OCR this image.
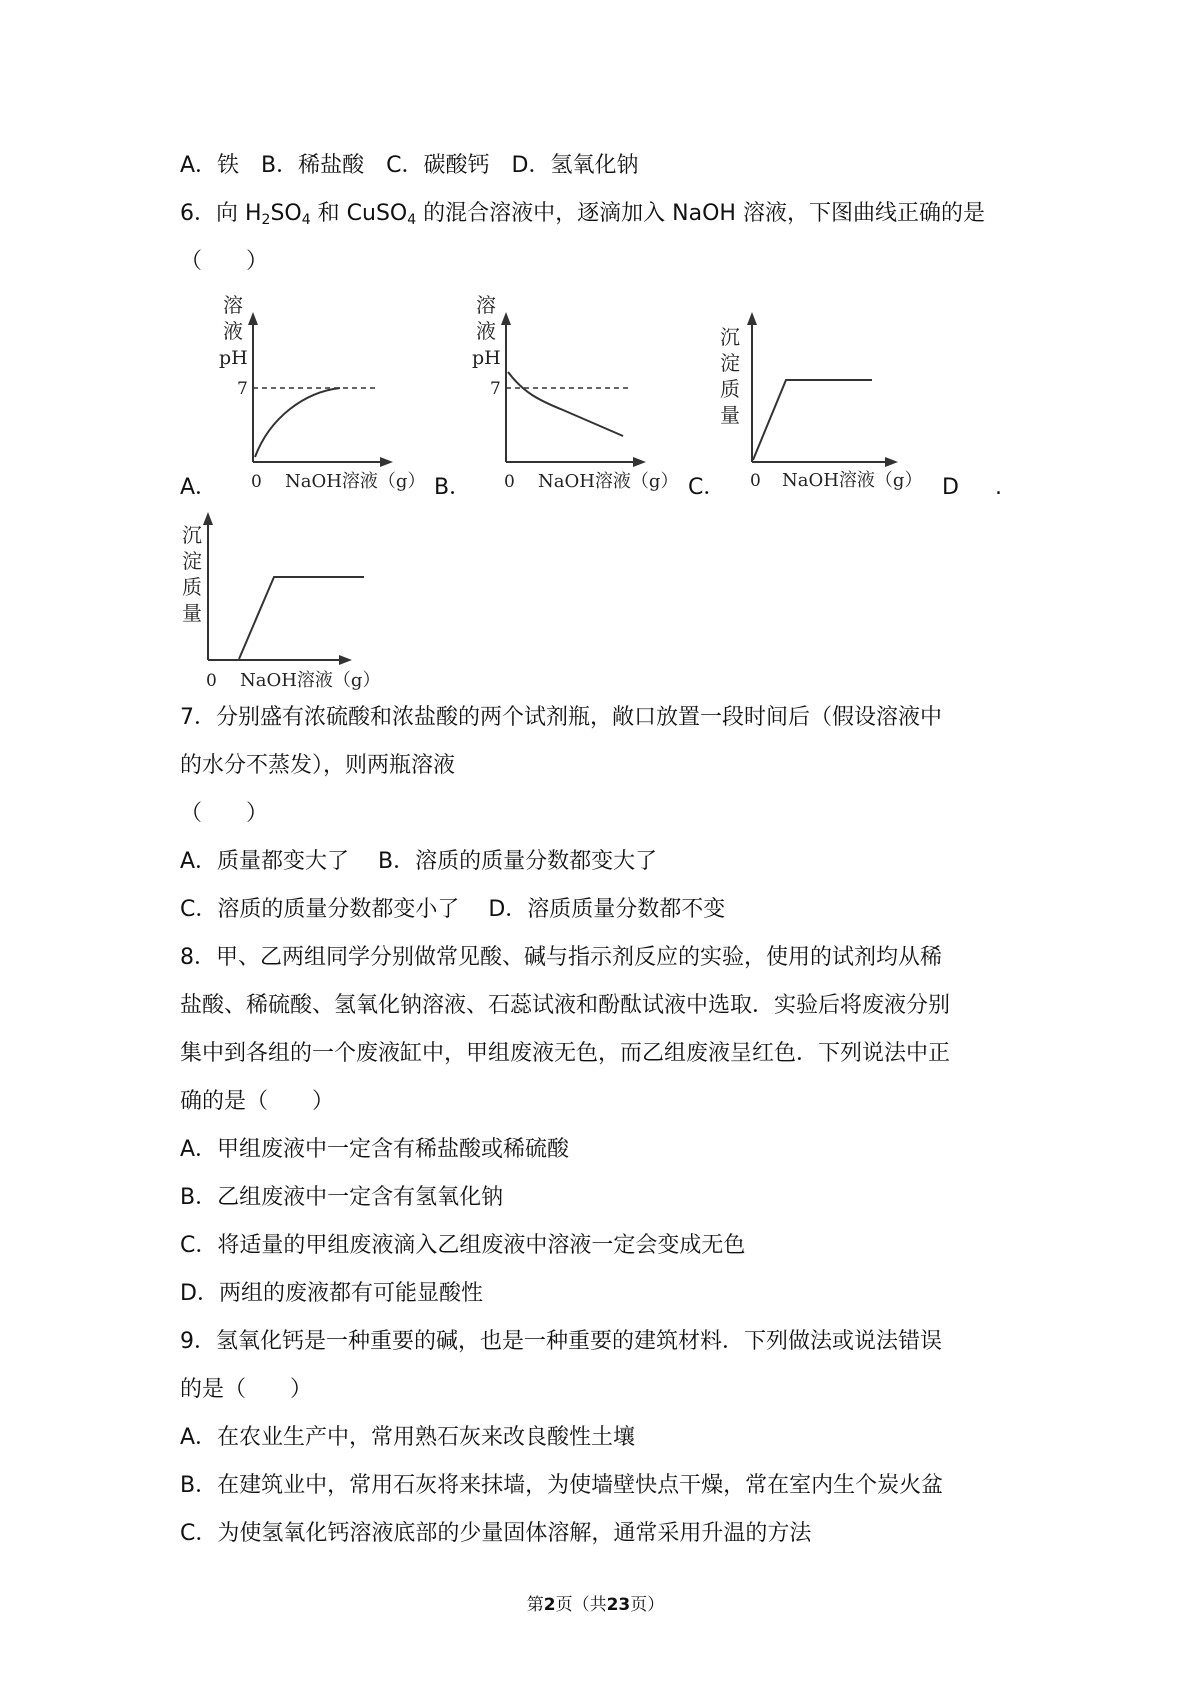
A．铁　B．稀盐酸　C．碳酸钙　D．氢氧化钠
6．向 $H_2SO_4$ 和 CuSO$_4$ 的混合溶液中，逐滴加入 NaOH 溶液，下图曲线正确的是
（　　）
A．	B．	C．	D .
溶
液
pH
7
0 NaOH溶液（g）
溶
液
pH
7
0 NaOH溶液（g）
沉
淀
质
量
0 NaOH溶液（g）
沉
淀
质
量
0 NaOH溶液（g）
7．分别盛有浓硫酸和浓盐酸的两个试剂瓶，敞口放置一段时间后（假设溶液中
的水分不蒸发），则两瓶溶液
（　　）
A．质量都变大了　 B．溶质的质量分数都变大了
C．溶质的质量分数都变小了　 D．溶质质量分数都不变
8．甲、乙两组同学分别做常见酸、碱与指示剂反应的实验，使用的试剂均从稀
盐酸、稀硫酸、氢氧化钠溶液、石蕊试液和酚酞试液中选取．实验后将废液分别
集中到各组的一个废液缸中，甲组废液无色，而乙组废液呈红色．下列说法中正
确的是（　　）
A．甲组废液中一定含有稀盐酸或稀硫酸
B．乙组废液中一定含有氢氧化钠
C．将适量的甲组废液滴入乙组废液中溶液一定会变成无色
D．两组的废液都有可能显酸性
9．氢氧化钙是一种重要的碱，也是一种重要的建筑材料．下列做法或说法错误
的是（　　）
A．在农业生产中，常用熟石灰来改良酸性土壤
B．在建筑业中，常用石灰将来抹墙，为使墙壁快点干燥，常在室内生个炭火盆
C．为使氢氧化钙溶液底部的少量固体溶解，通常采用升温的方法
第2页（共23页）
